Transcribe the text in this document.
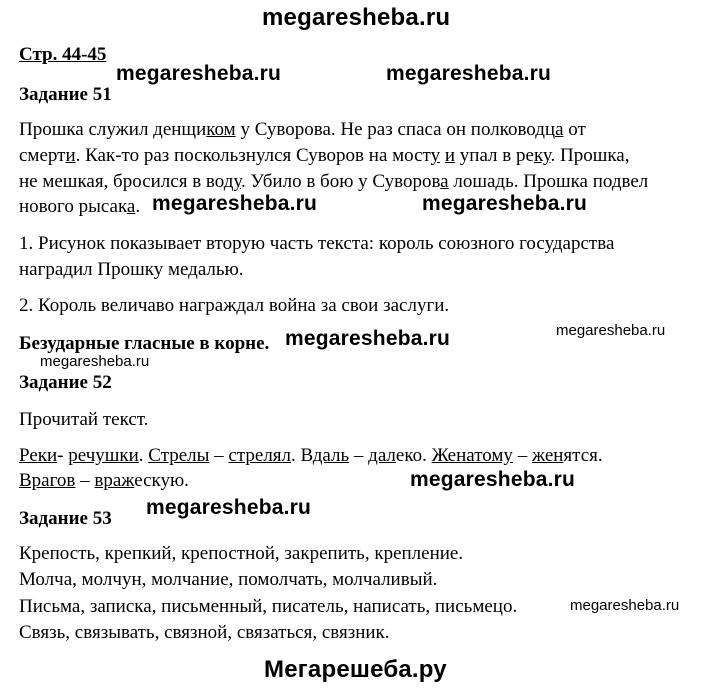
megaresheba.ru
Стр. 44-45
megaresheba.ru	megaresheba.ru
Задание 51
Прошка служил денщиком у Суворова. Не раз спаса он полководца от
смерти. Как-то раз поскользнулся Суворов на мосту и упал в реку. Прошка,
не мешкая, бросился в воду. Убило в бою у Суворова лошадь. Прошка подвел
нового рысака. megaresheba.ru	megaresheba.ru
1. Рисунок показывает вторую часть текста: король союзного государства
наградил Прошку медалью.
2. Король величаво награждал война за свои заслуги.
Безударные гласные в корне. megaresheba.ru	megaresheba.ru
megaresheba.ru
Задание 52
Прочитай текст.
Реки- речушки. Стрелы – стрелял. Вдаль – далеко. Женатому – женятся.
Врагов – вражескую.	megaresheba.ru
megaresheba.ru
Задание 53
Крепость, крепкий, крепостной, закрепить, крепление.
Молча, молчун, молчание, помолчать, молчаливый.
Письма, записка, письменный, писатель, написать, письмецо.	megaresheba.ru
Связь, связывать, связной, связаться, связник.
Мегарешеба.ру
